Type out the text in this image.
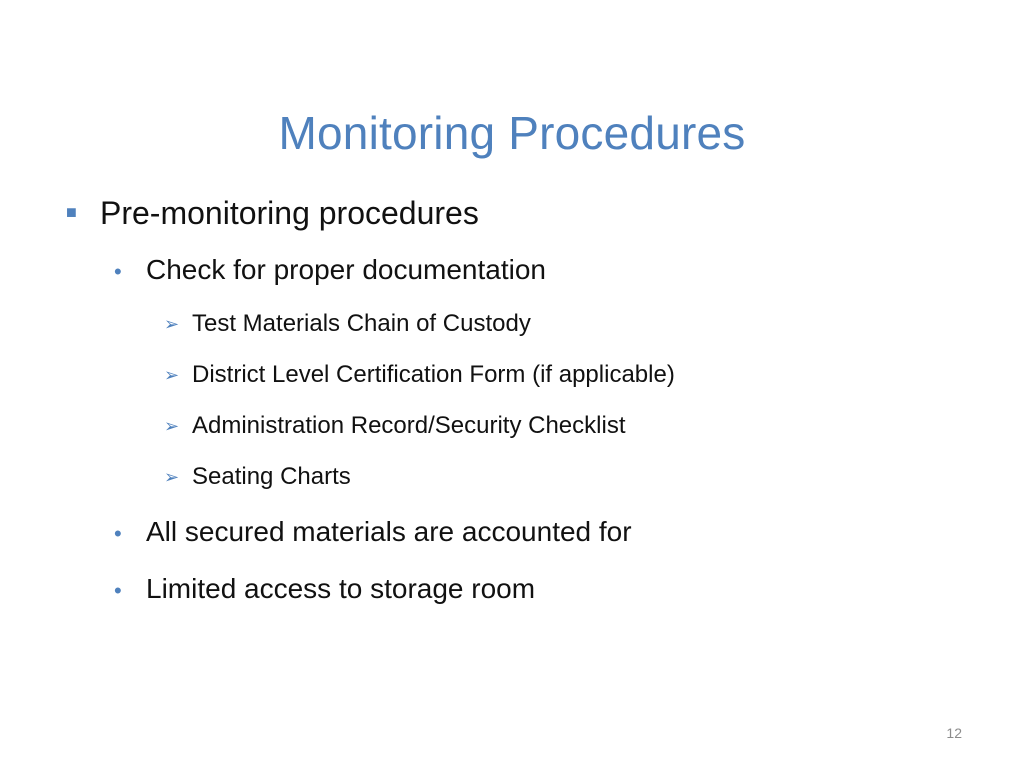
Monitoring Procedures
■ Pre-monitoring procedures
• Check for proper documentation
➢ Test Materials Chain of Custody
➢ District Level Certification Form (if applicable)
➢ Administration Record/Security Checklist
➢ Seating Charts
• All secured materials are accounted for
• Limited access to storage room
12
